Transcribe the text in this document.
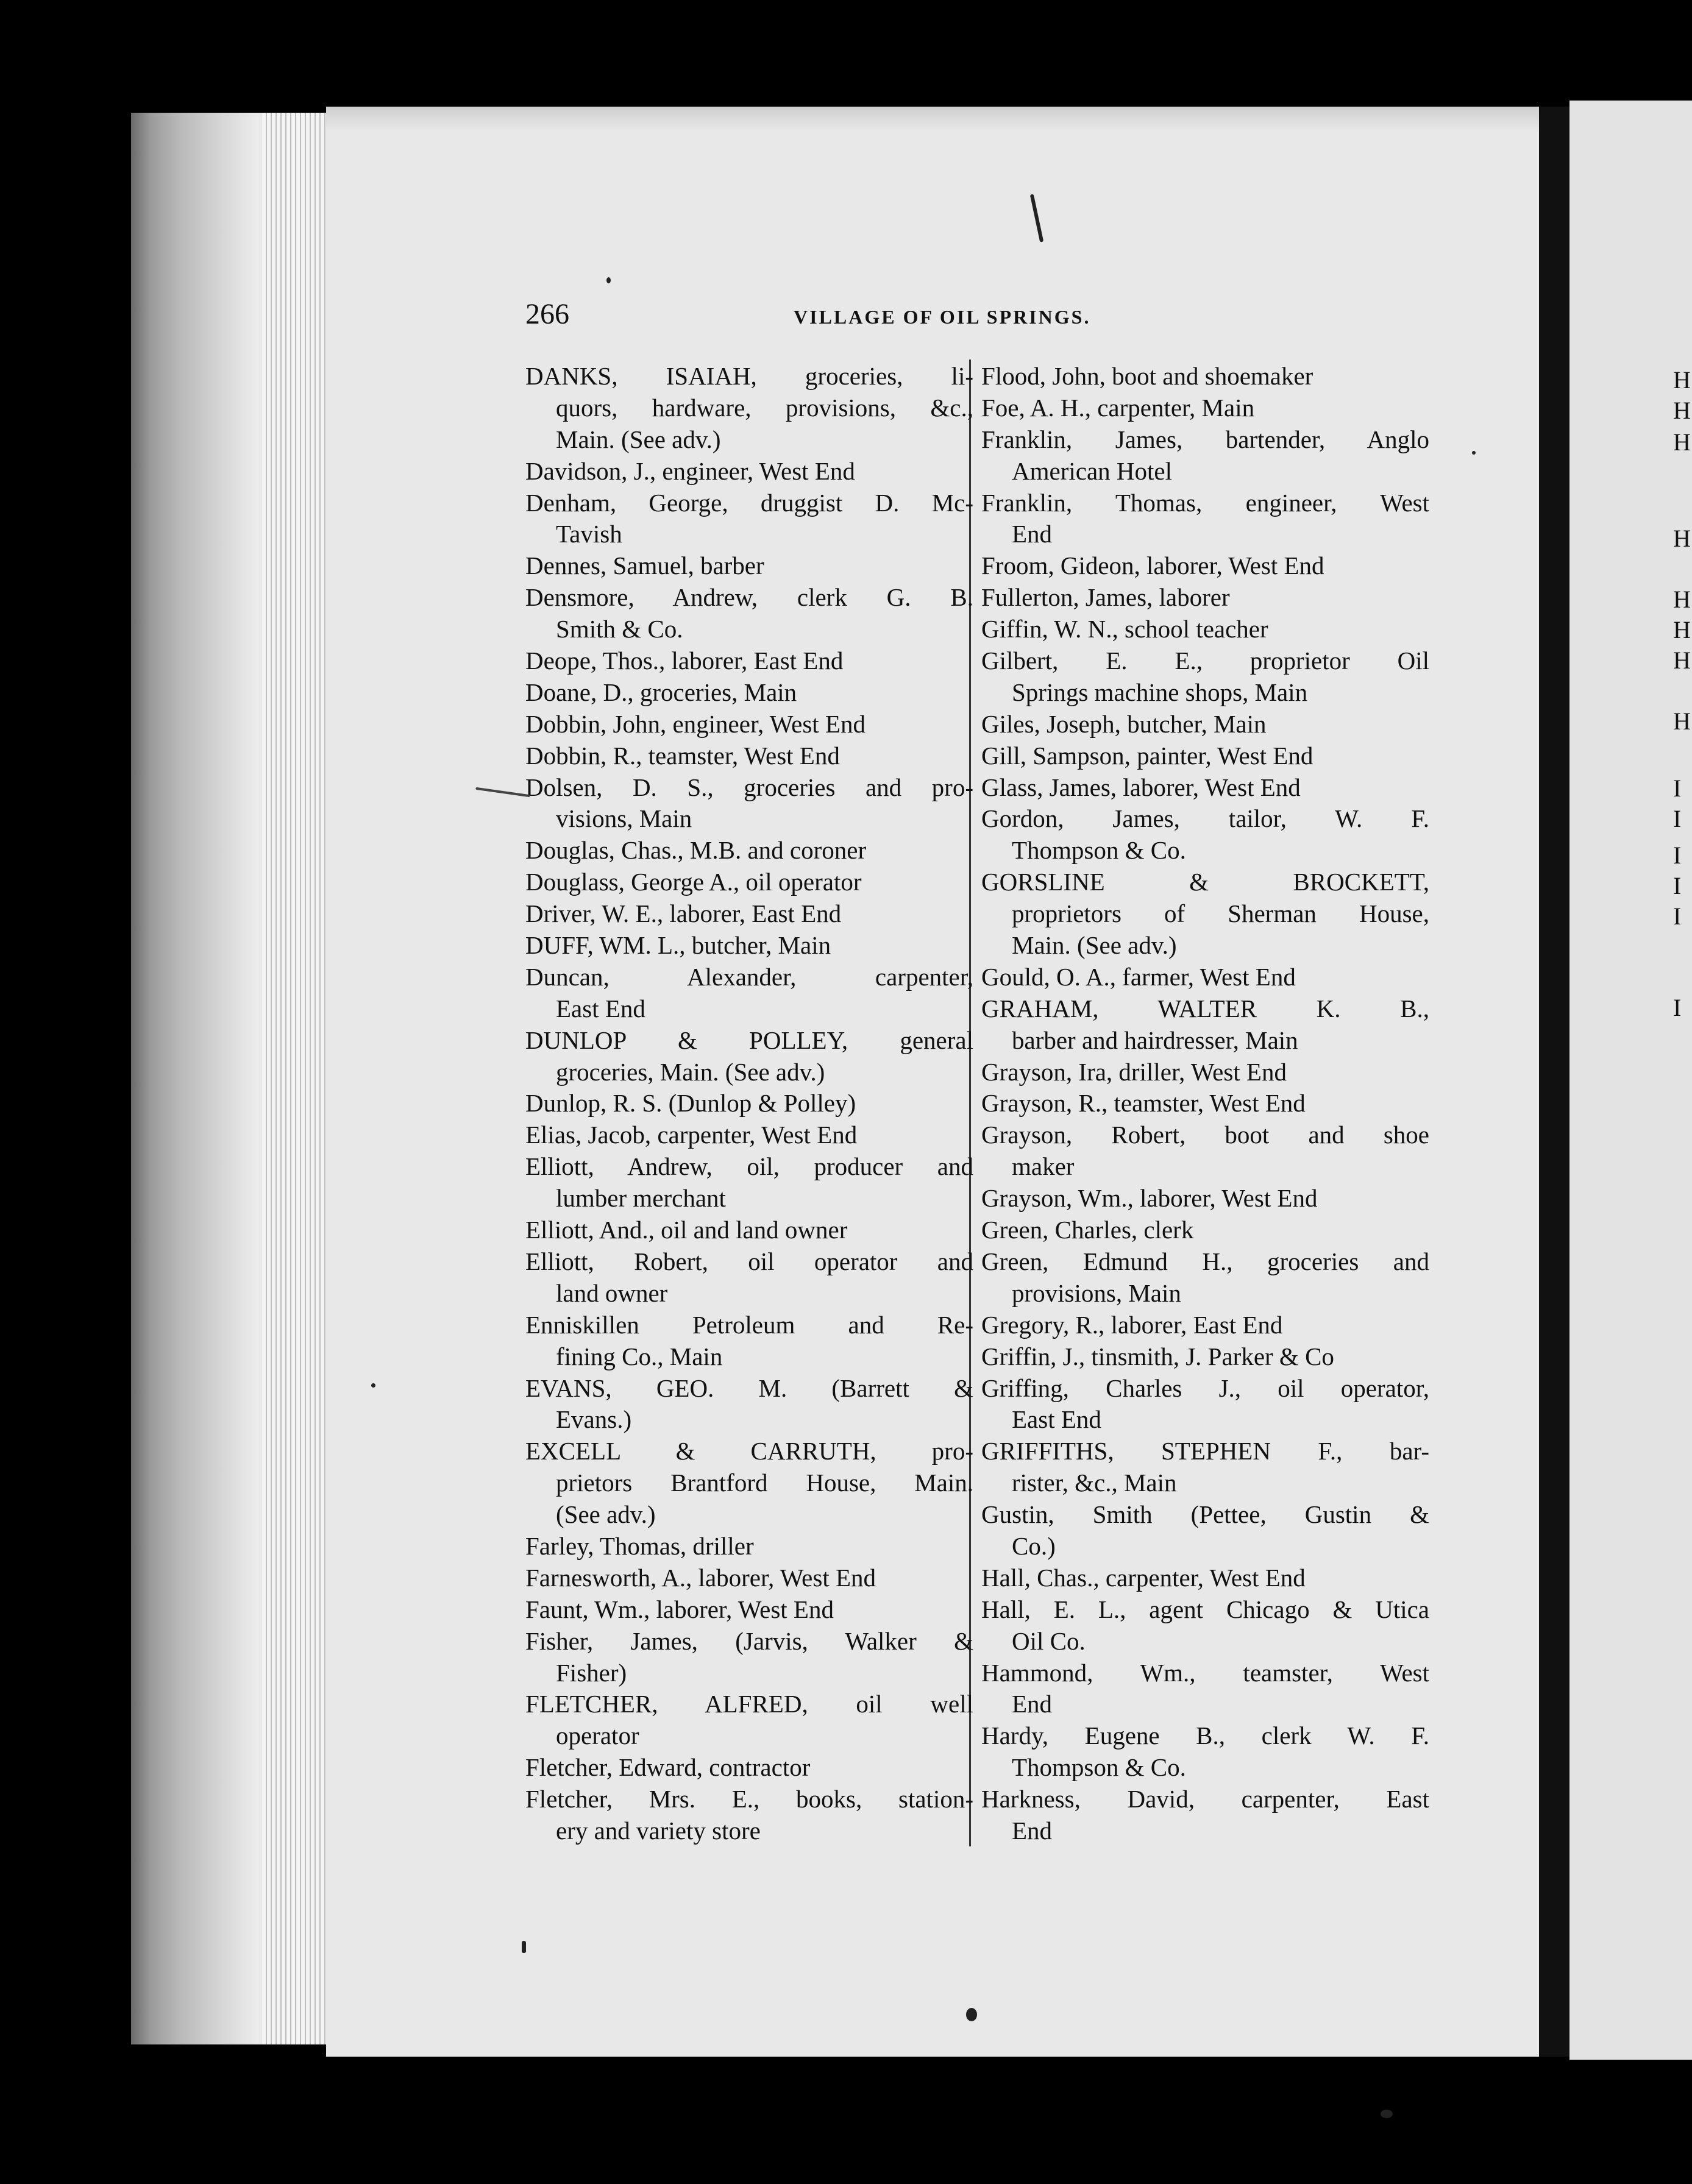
266	VILLAGE OF OIL SPRINGS.
DANKS, ISAIAH, groceries, li-
quors, hardware, provisions, &c.,
Main. (See adv.)
Davidson, J., engineer, West End
Denham, George, druggist D. Mc-
Tavish
Dennes, Samuel, barber
Densmore, Andrew, clerk G. B.
Smith & Co.
Deope, Thos., laborer, East End
Doane, D., groceries, Main
Dobbin, John, engineer, West End
Dobbin, R., teamster, West End
Dolsen, D. S., groceries and pro-
visions, Main
Douglas, Chas., M.B. and coroner
Douglass, George A., oil operator
Driver, W. E., laborer, East End
DUFF, WM. L., butcher, Main
Duncan, Alexander, carpenter,
East End
DUNLOP & POLLEY, general
groceries, Main. (See adv.)
Dunlop, R. S. (Dunlop & Polley)
Elias, Jacob, carpenter, West End
Elliott, Andrew, oil, producer and
lumber merchant
Elliott, And., oil and land owner
Elliott, Robert, oil operator and
land owner
Enniskillen Petroleum and Re-
fining Co., Main
EVANS, GEO. M. (Barrett &
Evans.)
EXCELL & CARRUTH, pro-
prietors Brantford House, Main.
(See adv.)
Farley, Thomas, driller
Farnesworth, A., laborer, West End
Faunt, Wm., laborer, West End
Fisher, James, (Jarvis, Walker &
Fisher)
FLETCHER, ALFRED, oil well
operator
Fletcher, Edward, contractor
Fletcher, Mrs. E., books, station-
ery and variety store
Flood, John, boot and shoemaker
Foe, A. H., carpenter, Main
Franklin, James, bartender, Anglo
American Hotel
Franklin, Thomas, engineer, West
End
Froom, Gideon, laborer, West End
Fullerton, James, laborer
Giffin, W. N., school teacher
Gilbert, E. E., proprietor Oil
Springs machine shops, Main
Giles, Joseph, butcher, Main
Gill, Sampson, painter, West End
Glass, James, laborer, West End
Gordon, James, tailor, W. F.
Thompson & Co.
GORSLINE & BROCKETT,
proprietors of Sherman House,
Main. (See adv.)
Gould, O. A., farmer, West End
GRAHAM, WALTER K. B.,
barber and hairdresser, Main
Grayson, Ira, driller, West End
Grayson, R., teamster, West End
Grayson, Robert, boot and shoe
maker
Grayson, Wm., laborer, West End
Green, Charles, clerk
Green, Edmund H., groceries and
provisions, Main
Gregory, R., laborer, East End
Griffin, J., tinsmith, J. Parker & Co
Griffing, Charles J., oil operator,
East End
GRIFFITHS, STEPHEN F., bar-
rister, &c., Main
Gustin, Smith (Pettee, Gustin &
Co.)
Hall, Chas., carpenter, West End
Hall, E. L., agent Chicago & Utica
Oil Co.
Hammond, Wm., teamster, West
End
Hardy, Eugene B., clerk W. F.
Thompson & Co.
Harkness, David, carpenter, East
End
H
H
H
H
H
H
H
H
I
I
I
I
I
I
